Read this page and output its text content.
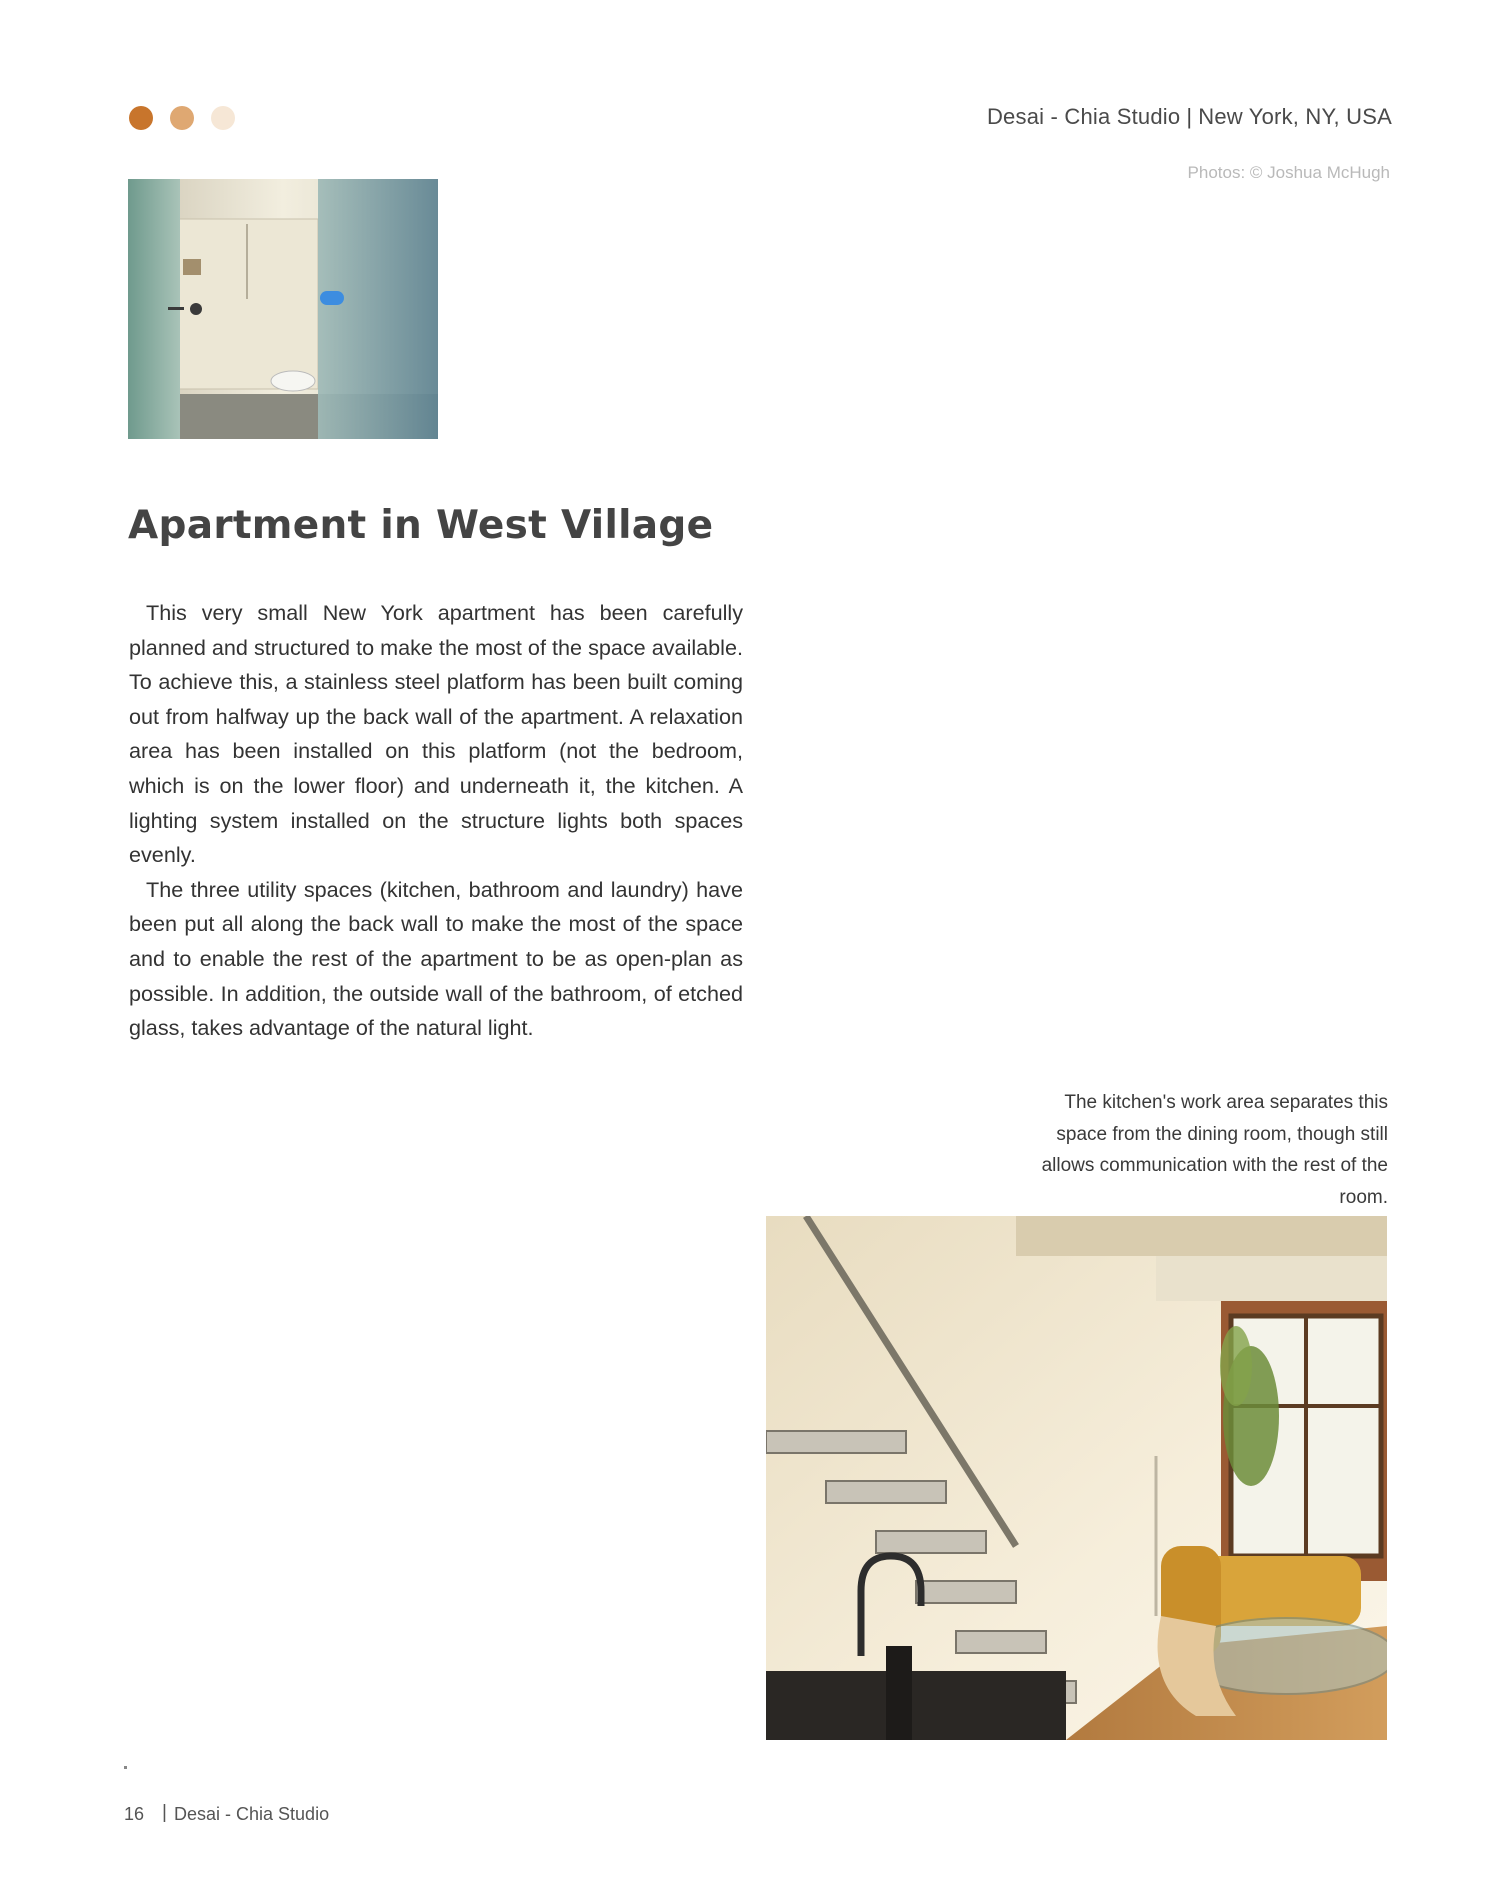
Desai - Chia Studio | New York, NY, USA
Photos: © Joshua McHugh
Apartment in West Village

This very small New York apartment has been carefully planned and structured to make the most of the space available. To achieve this, a stainless steel platform has been built coming out from halfway up the back wall of the apartment. A relaxation area has been installed on this platform (not the bedroom, which is on the lower floor) and underneath it, the kitchen. A lighting system installed on the structure lights both spaces evenly.

The three utility spaces (kitchen, bathroom and laundry) have been put all along the back wall to make the most of the space and to enable the rest of the apartment to be as open-plan as possible. In addition, the outside wall of the bathroom, of etched glass, takes advantage of the natural light.

The kitchen's work area separates this space from the dining room, though still allows communication with the rest of the room.
16 | Desai - Chia Studio
